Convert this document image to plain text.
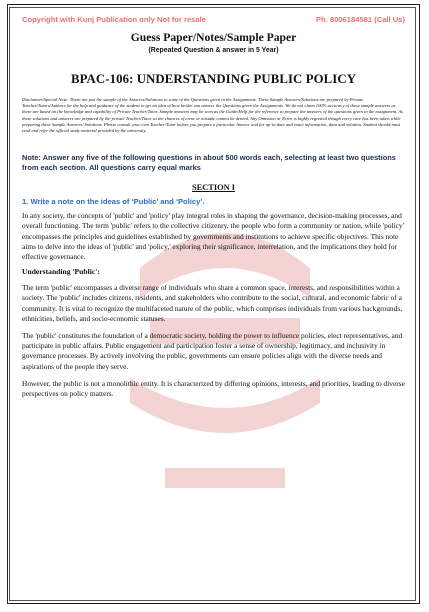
Copyright with Kunj Publication only Not for resale	Ph. 8006184581 (Call Us)
Guess Paper/Notes/Sample Paper
(Repeated Question & answer in 5 Year)
BPAC-106: UNDERSTANDING PUBLIC POLICY
Disclaimer/Special Note: These are just the sample of the Answers/Solutions to some of the Questions given in the Assignments. These Sample Answers/Solutions are prepared by Private Teacher/Tutors/Authors for the help and guidance of the student to get an idea of how he/she can answer the Questions given the Assignments. We do not claim 100% accuracy of these sample answers as these are based on the knowledge and capability of Private Teacher/Tutor. Sample answers may be seen as the Guide/Help for the reference to prepare the answers of the questions given in the assignment. As these solutions and answers are prepared by the private Teacher/Tutor so the chances of error or mistake cannot be denied. Any Omission or Error is highly regretted though every care has been taken while preparing these Sample Answers/ Solutions. Please consult your own Teacher/Tutor before you prepare a particular Answer and for up-to-date and exact information, data and solution. Student should must read and refer the official study material provided by the university.
Note: Answer any five of the following questions in about 500 words each, selecting at least two questions from each section. All questions carry equal marks
SECTION I
1. Write a note on the ideas of ‘Public’ and ‘Policy’.
In any society, the concepts of 'public' and 'policy' play integral roles in shaping the governance, decision-making processes, and overall functioning. The term 'public' refers to the collective citizenry, the people who form a community or nation, while 'policy' encompasses the principles and guidelines established by governments and institutions to achieve specific objectives. This note aims to delve into the ideas of 'public' and 'policy,' exploring their significance, interrelation, and the implications they hold for effective governance.
Understanding 'Public':
The term 'public' encompasses a diverse range of individuals who share a common space, interests, and responsibilities within a society. The 'public' includes citizens, residents, and stakeholders who contribute to the social, cultural, and economic fabric of a community. It is vital to recognize the multifaceted nature of the public, which comprises individuals from various backgrounds, ethnicities, beliefs, and socio-economic statuses.
The 'public' constitutes the foundation of a democratic society, holding the power to influence policies, elect representatives, and participate in public affairs. Public engagement and participation foster a sense of ownership, legitimacy, and inclusivity in governance processes. By actively involving the public, governments can ensure policies align with the diverse needs and aspirations of the people they serve.
However, the public is not a monolithic entity. It is characterized by differing opinions, interests, and priorities, leading to diverse perspectives on policy matters.
